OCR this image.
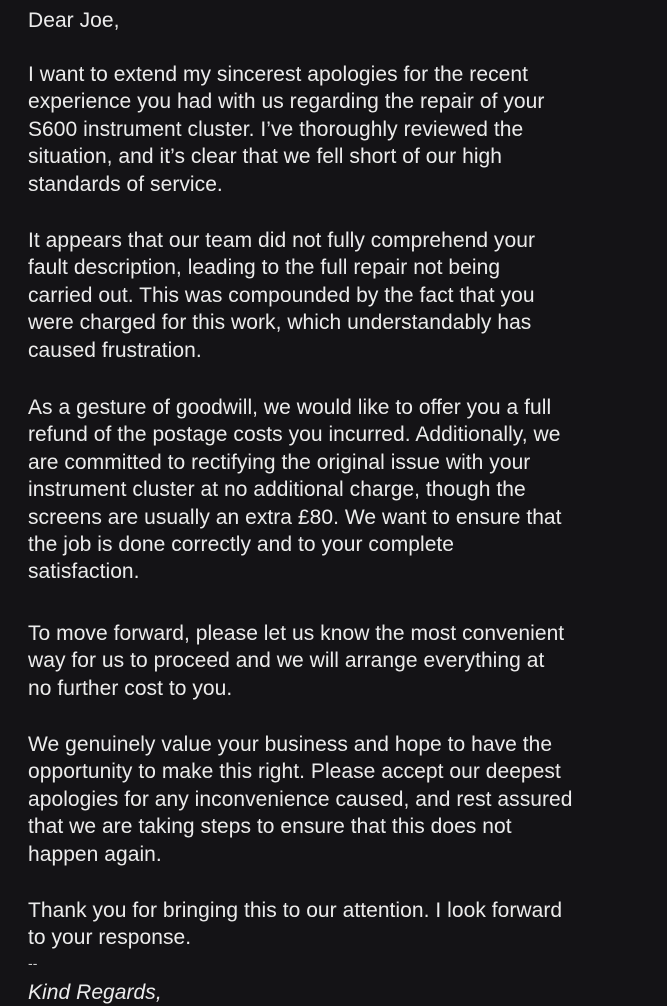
Dear Joe,
I want to extend my sincerest apologies for the recent
experience you had with us regarding the repair of your
S600 instrument cluster. I’ve thoroughly reviewed the
situation, and it’s clear that we fell short of our high
standards of service.
It appears that our team did not fully comprehend your
fault description, leading to the full repair not being
carried out. This was compounded by the fact that you
were charged for this work, which understandably has
caused frustration.
As a gesture of goodwill, we would like to offer you a full
refund of the postage costs you incurred. Additionally, we
are committed to rectifying the original issue with your
instrument cluster at no additional charge, though the
screens are usually an extra £80. We want to ensure that
the job is done correctly and to your complete
satisfaction.
To move forward, please let us know the most convenient
way for us to proceed and we will arrange everything at
no further cost to you.
We genuinely value your business and hope to have the
opportunity to make this right. Please accept our deepest
apologies for any inconvenience caused, and rest assured
that we are taking steps to ensure that this does not
happen again.
Thank you for bringing this to our attention. I look forward
to your response.
--
Kind Regards,
